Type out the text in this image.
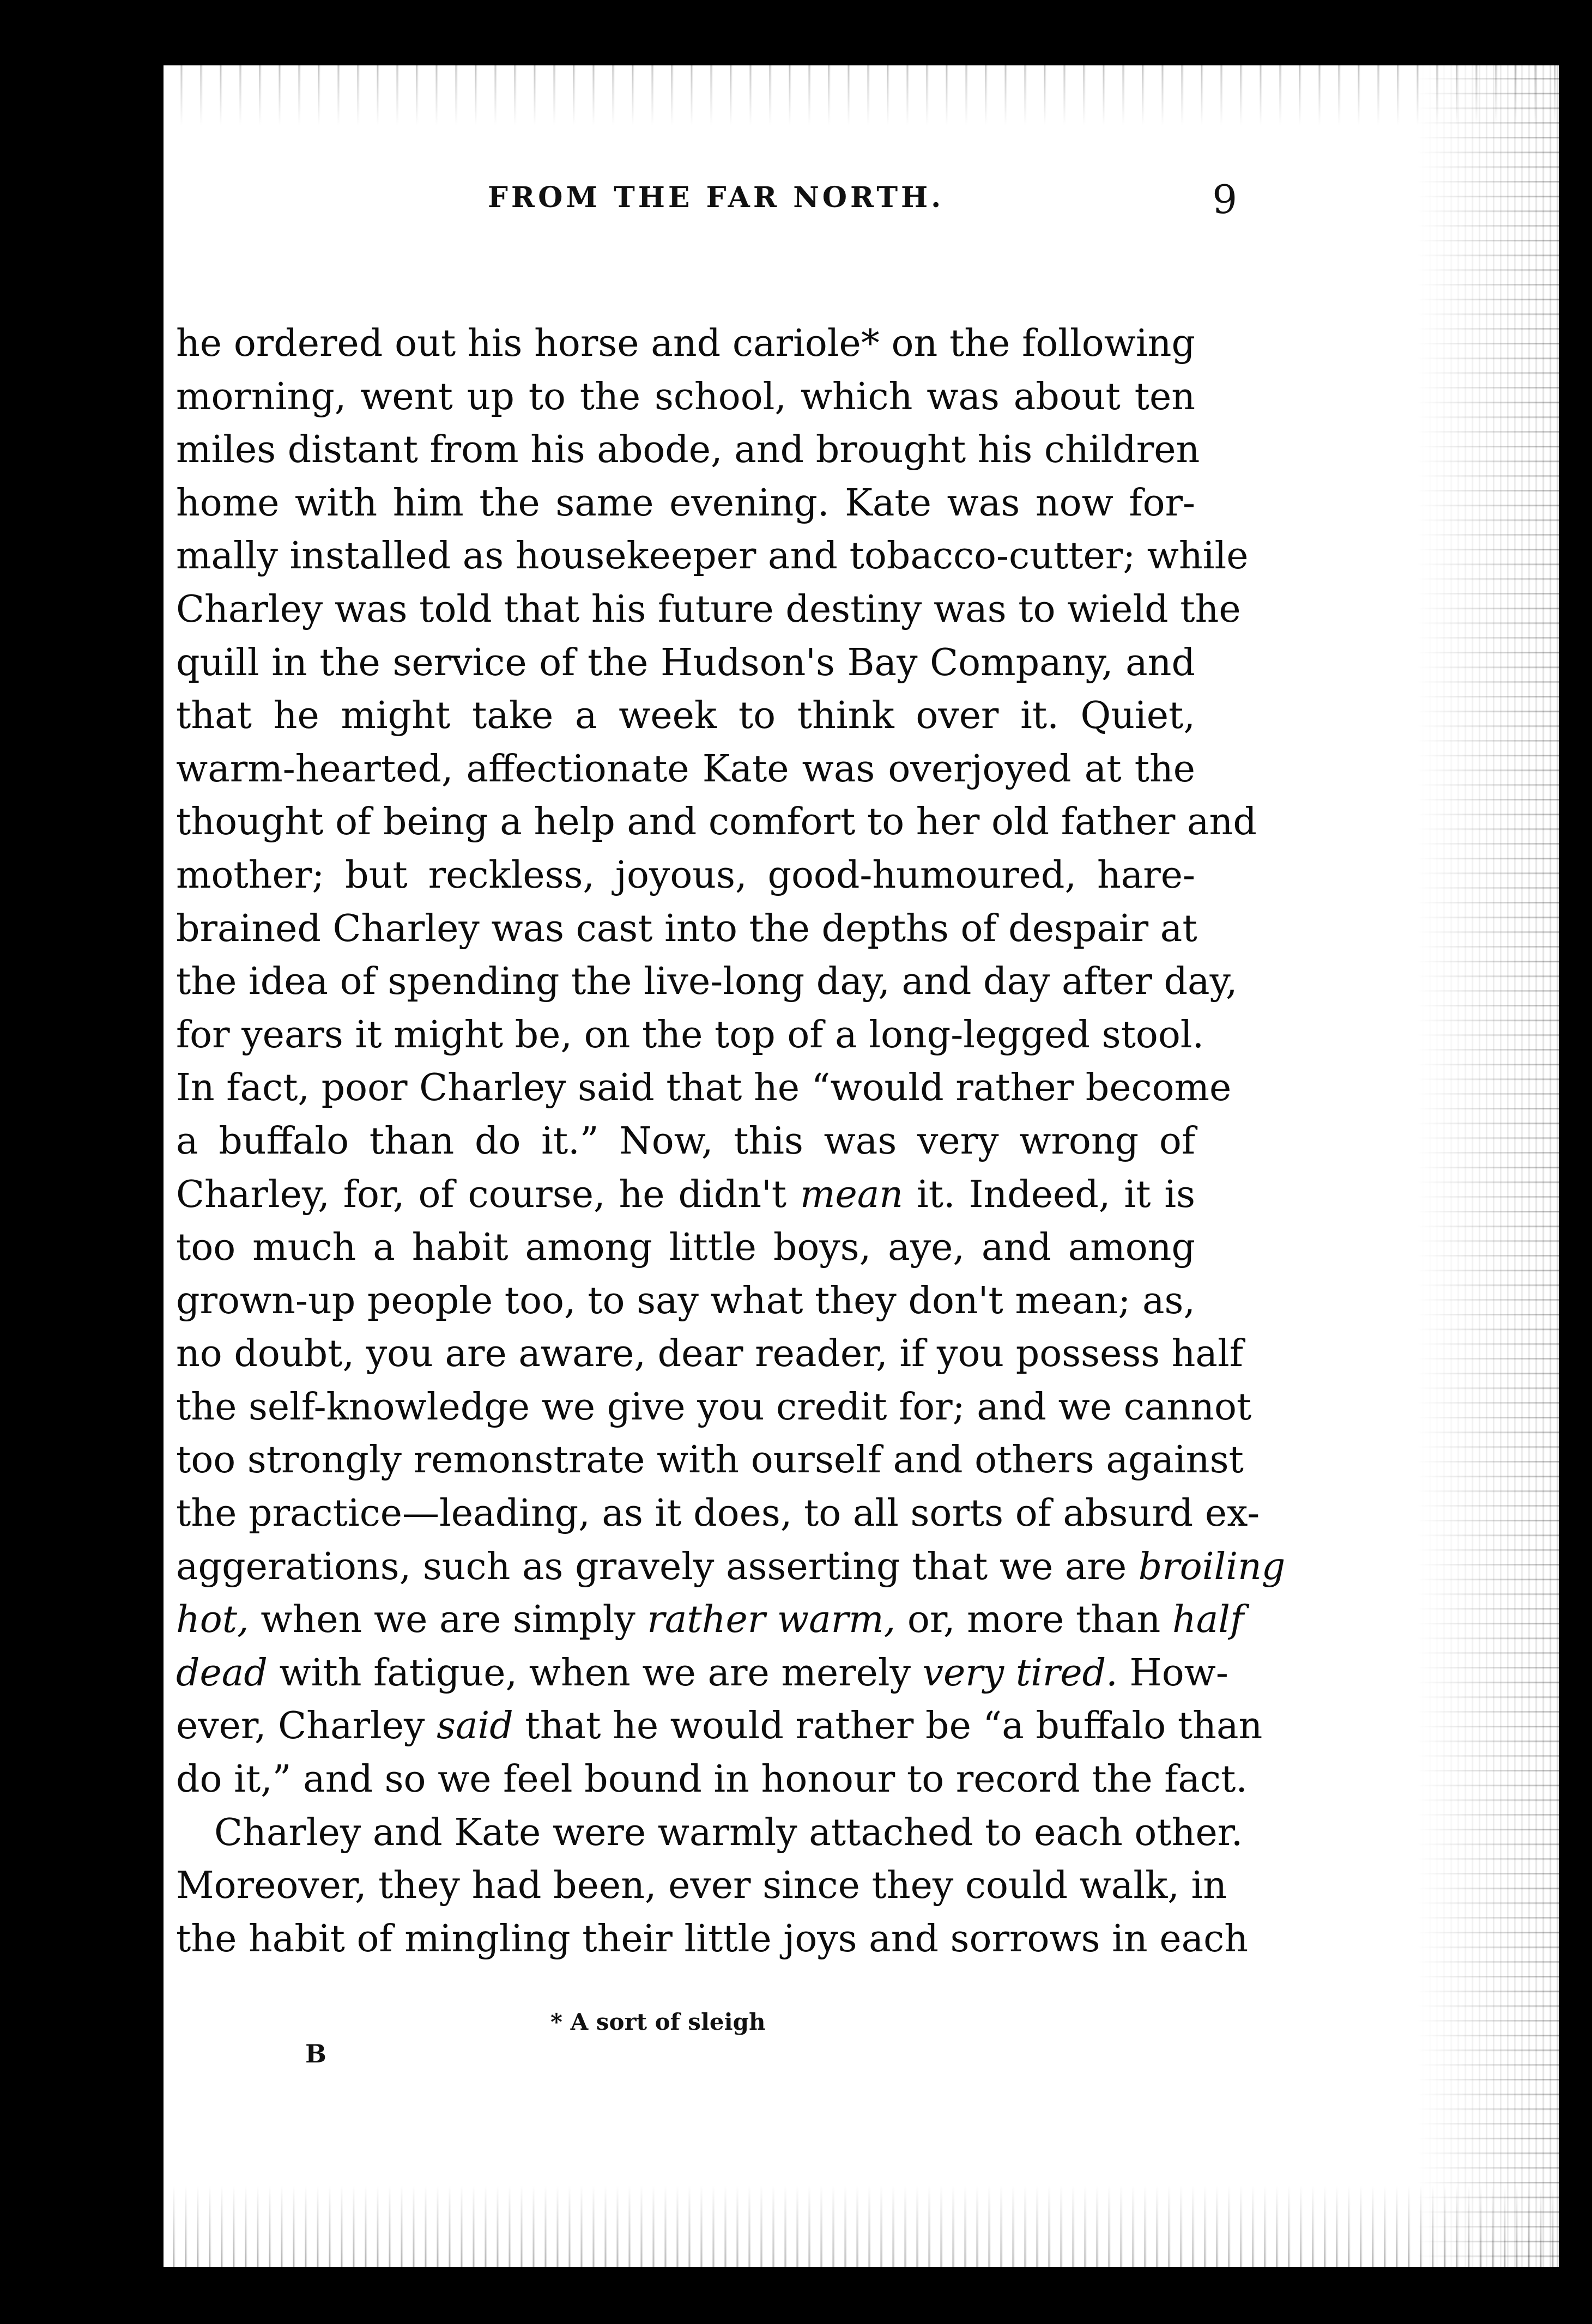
FROM THE FAR NORTH.	9
he ordered out his horse and cariole* on the following
morning, went up to the school, which was about ten
miles distant from his abode, and brought his children
home with him the same evening. Kate was now for-
mally installed as housekeeper and tobacco-cutter; while
Charley was told that his future destiny was to wield the
quill in the service of the Hudson's Bay Company, and
that he might take a week to think over it. Quiet,
warm-hearted, affectionate Kate was overjoyed at the
thought of being a help and comfort to her old father and
mother; but reckless, joyous, good-humoured, hare-
brained Charley was cast into the depths of despair at
the idea of spending the live-long day, and day after day,
for years it might be, on the top of a long-legged stool.
In fact, poor Charley said that he “would rather become
a buffalo than do it.” Now, this was very wrong of
Charley, for, of course, he didn't mean it. Indeed, it is
too much a habit among little boys, aye, and among
grown-up people too, to say what they don't mean; as,
no doubt, you are aware, dear reader, if you possess half
the self-knowledge we give you credit for; and we cannot
too strongly remonstrate with ourself and others against
the practice—leading, as it does, to all sorts of absurd ex-
aggerations, such as gravely asserting that we are broiling
hot, when we are simply rather warm, or, more than half
dead with fatigue, when we are merely very tired. How-
ever, Charley said that he would rather be “a buffalo than
do it,” and so we feel bound in honour to record the fact.
Charley and Kate were warmly attached to each other.
Moreover, they had been, ever since they could walk, in
the habit of mingling their little joys and sorrows in each
* A sort of sleigh
B
